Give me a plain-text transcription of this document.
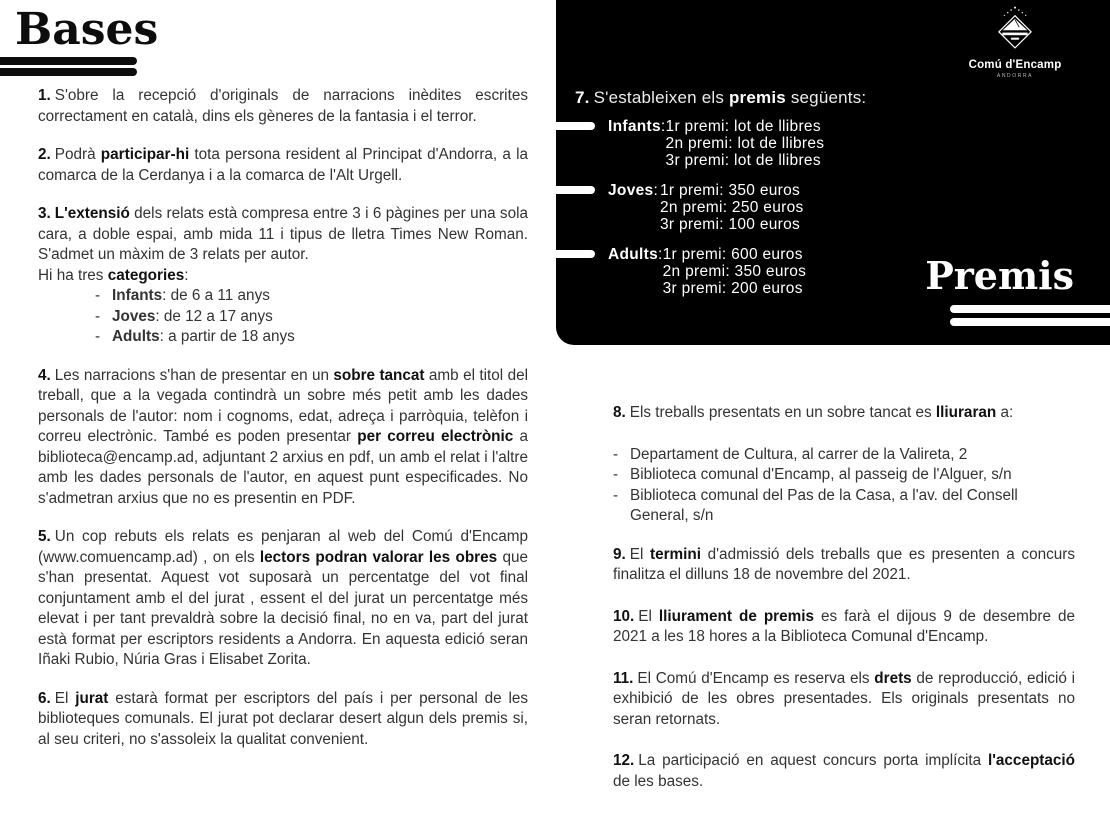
Bases
1. S'obre la recepció d'originals de narracions inèdites escrites correctament en català, dins els gèneres de la fantasia i el terror.
2. Podrà participar-hi tota persona resident al Principat d'Andorra, a la comarca de la Cerdanya i a la comarca de l'Alt Urgell.
3. L'extensió dels relats està compresa entre 3 i 6 pàgines per una sola cara, a doble espai, amb mida 11 i tipus de lletra Times New Roman. S'admet un màxim de 3 relats per autor.
Hi ha tres categories:
- Infants: de 6 a 11 anys
- Joves: de 12 a 17 anys
- Adults: a partir de 18 anys
4. Les narracions s'han de presentar en un sobre tancat amb el titol del treball, que a la vegada contindrà un sobre més petit amb les dades personals de l'autor: nom i cognoms, edat, adreça i parròquia, telèfon i correu electrònic. També es poden presentar per correu electrònic a biblioteca@encamp.ad, adjuntant 2 arxius en pdf, un amb el relat i l'altre amb les dades personals de l'autor, en aquest punt especificades. No s'admetran arxius que no es presentin en PDF.
5. Un cop rebuts els relats es penjaran al web del Comú d'Encamp (www.comuencamp.ad) , on els lectors podran valorar les obres que s'han presentat. Aquest vot suposarà un percentatge del vot final conjuntament amb el del jurat , essent el del jurat un percentatge més elevat i per tant prevaldrà sobre la decisió final, no en va, part del jurat està format per escriptors residents a Andorra. En aquesta edició seran Iñaki Rubio, Núria Gras i Elisabet Zorita.
6. El jurat estarà format per escriptors del país i per personal de les biblioteques comunals. El jurat pot declarar desert algun dels premis si, al seu criteri, no s'assoleix la qualitat convenient.
Comú d'Encamp
ANDORRA
7. S'estableixen els premis següents:
Infants: 1r premi: lot de llibres
2n premi: lot de llibres
3r premi: lot de llibres
Joves: 1r premi: 350 euros
2n premi: 250 euros
3r premi: 100 euros
Adults: 1r premi: 600 euros
2n premi: 350 euros
3r premi: 200 euros	Premis
8. Els treballs presentats en un sobre tancat es lliuraran a:
- Departament de Cultura, al carrer de la Valireta, 2
- Biblioteca comunal d'Encamp, al passeig de l'Alguer, s/n
- Biblioteca comunal del Pas de la Casa, a l'av. del Consell General, s/n
9. El termini d'admissió dels treballs que es presenten a concurs finalitza el dilluns 18 de novembre del 2021.
10. El lliurament de premis es farà el dijous 9 de desembre de 2021 a les 18 hores a la Biblioteca Comunal d'Encamp.
11. El Comú d'Encamp es reserva els drets de reproducció, edició i exhibició de les obres presentades. Els originals presentats no seran retornats.
12. La participació en aquest concurs porta implícita l'acceptació de les bases.
